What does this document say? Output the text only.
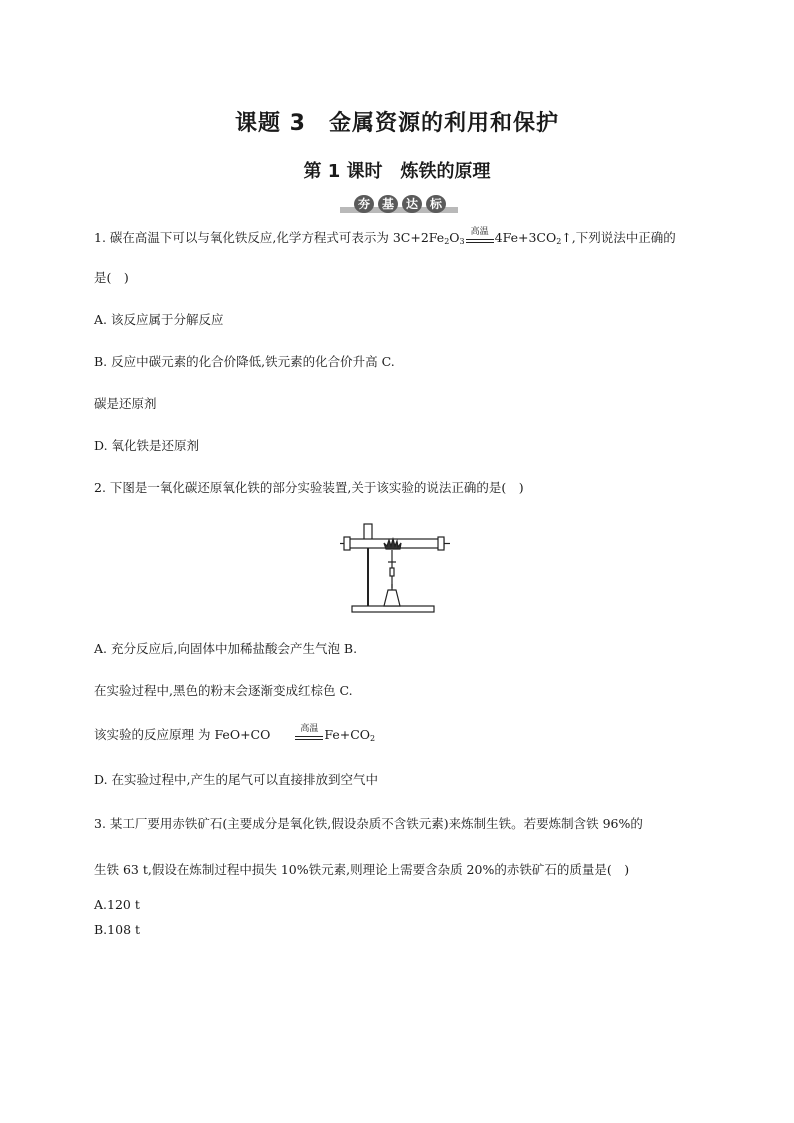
课题 3　金属资源的利用和保护
第 1 课时　炼铁的原理
夯 基 达 标
1. 碳在高温下可以与氧化铁反应,化学方程式可表示为 $3C+2Fe_2O_3$
高温 $4Fe+3CO_2↑$,下列说法中正确的
是(　)
A. 该反应属于分解反应
B. 反应中碳元素的化合价降低,铁元素的化合价升高 C.
碳是还原剂
D. 氧化铁是还原剂
2. 下图是一氧化碳还原氧化铁的部分实验装置,关于该实验的说法正确的是(　)
A. 充分反应后,向固体中加稀盐酸会产生气泡 B.
在实验过程中,黑色的粉末会逐渐变成红棕色 C.
该实验的反应原理 为 FeO+CO	高温 $Fe+CO_2$
D. 在实验过程中,产生的尾气可以直接排放到空气中
3. 某工厂要用赤铁矿石(主要成分是氧化铁,假设杂质不含铁元素)来炼制生铁。若要炼制含铁 96%的
生铁 63 t,假设在炼制过程中损失 10%铁元素,则理论上需要含杂质 20%的赤铁矿石的质量是(　)
A.120 t
B.108 t
